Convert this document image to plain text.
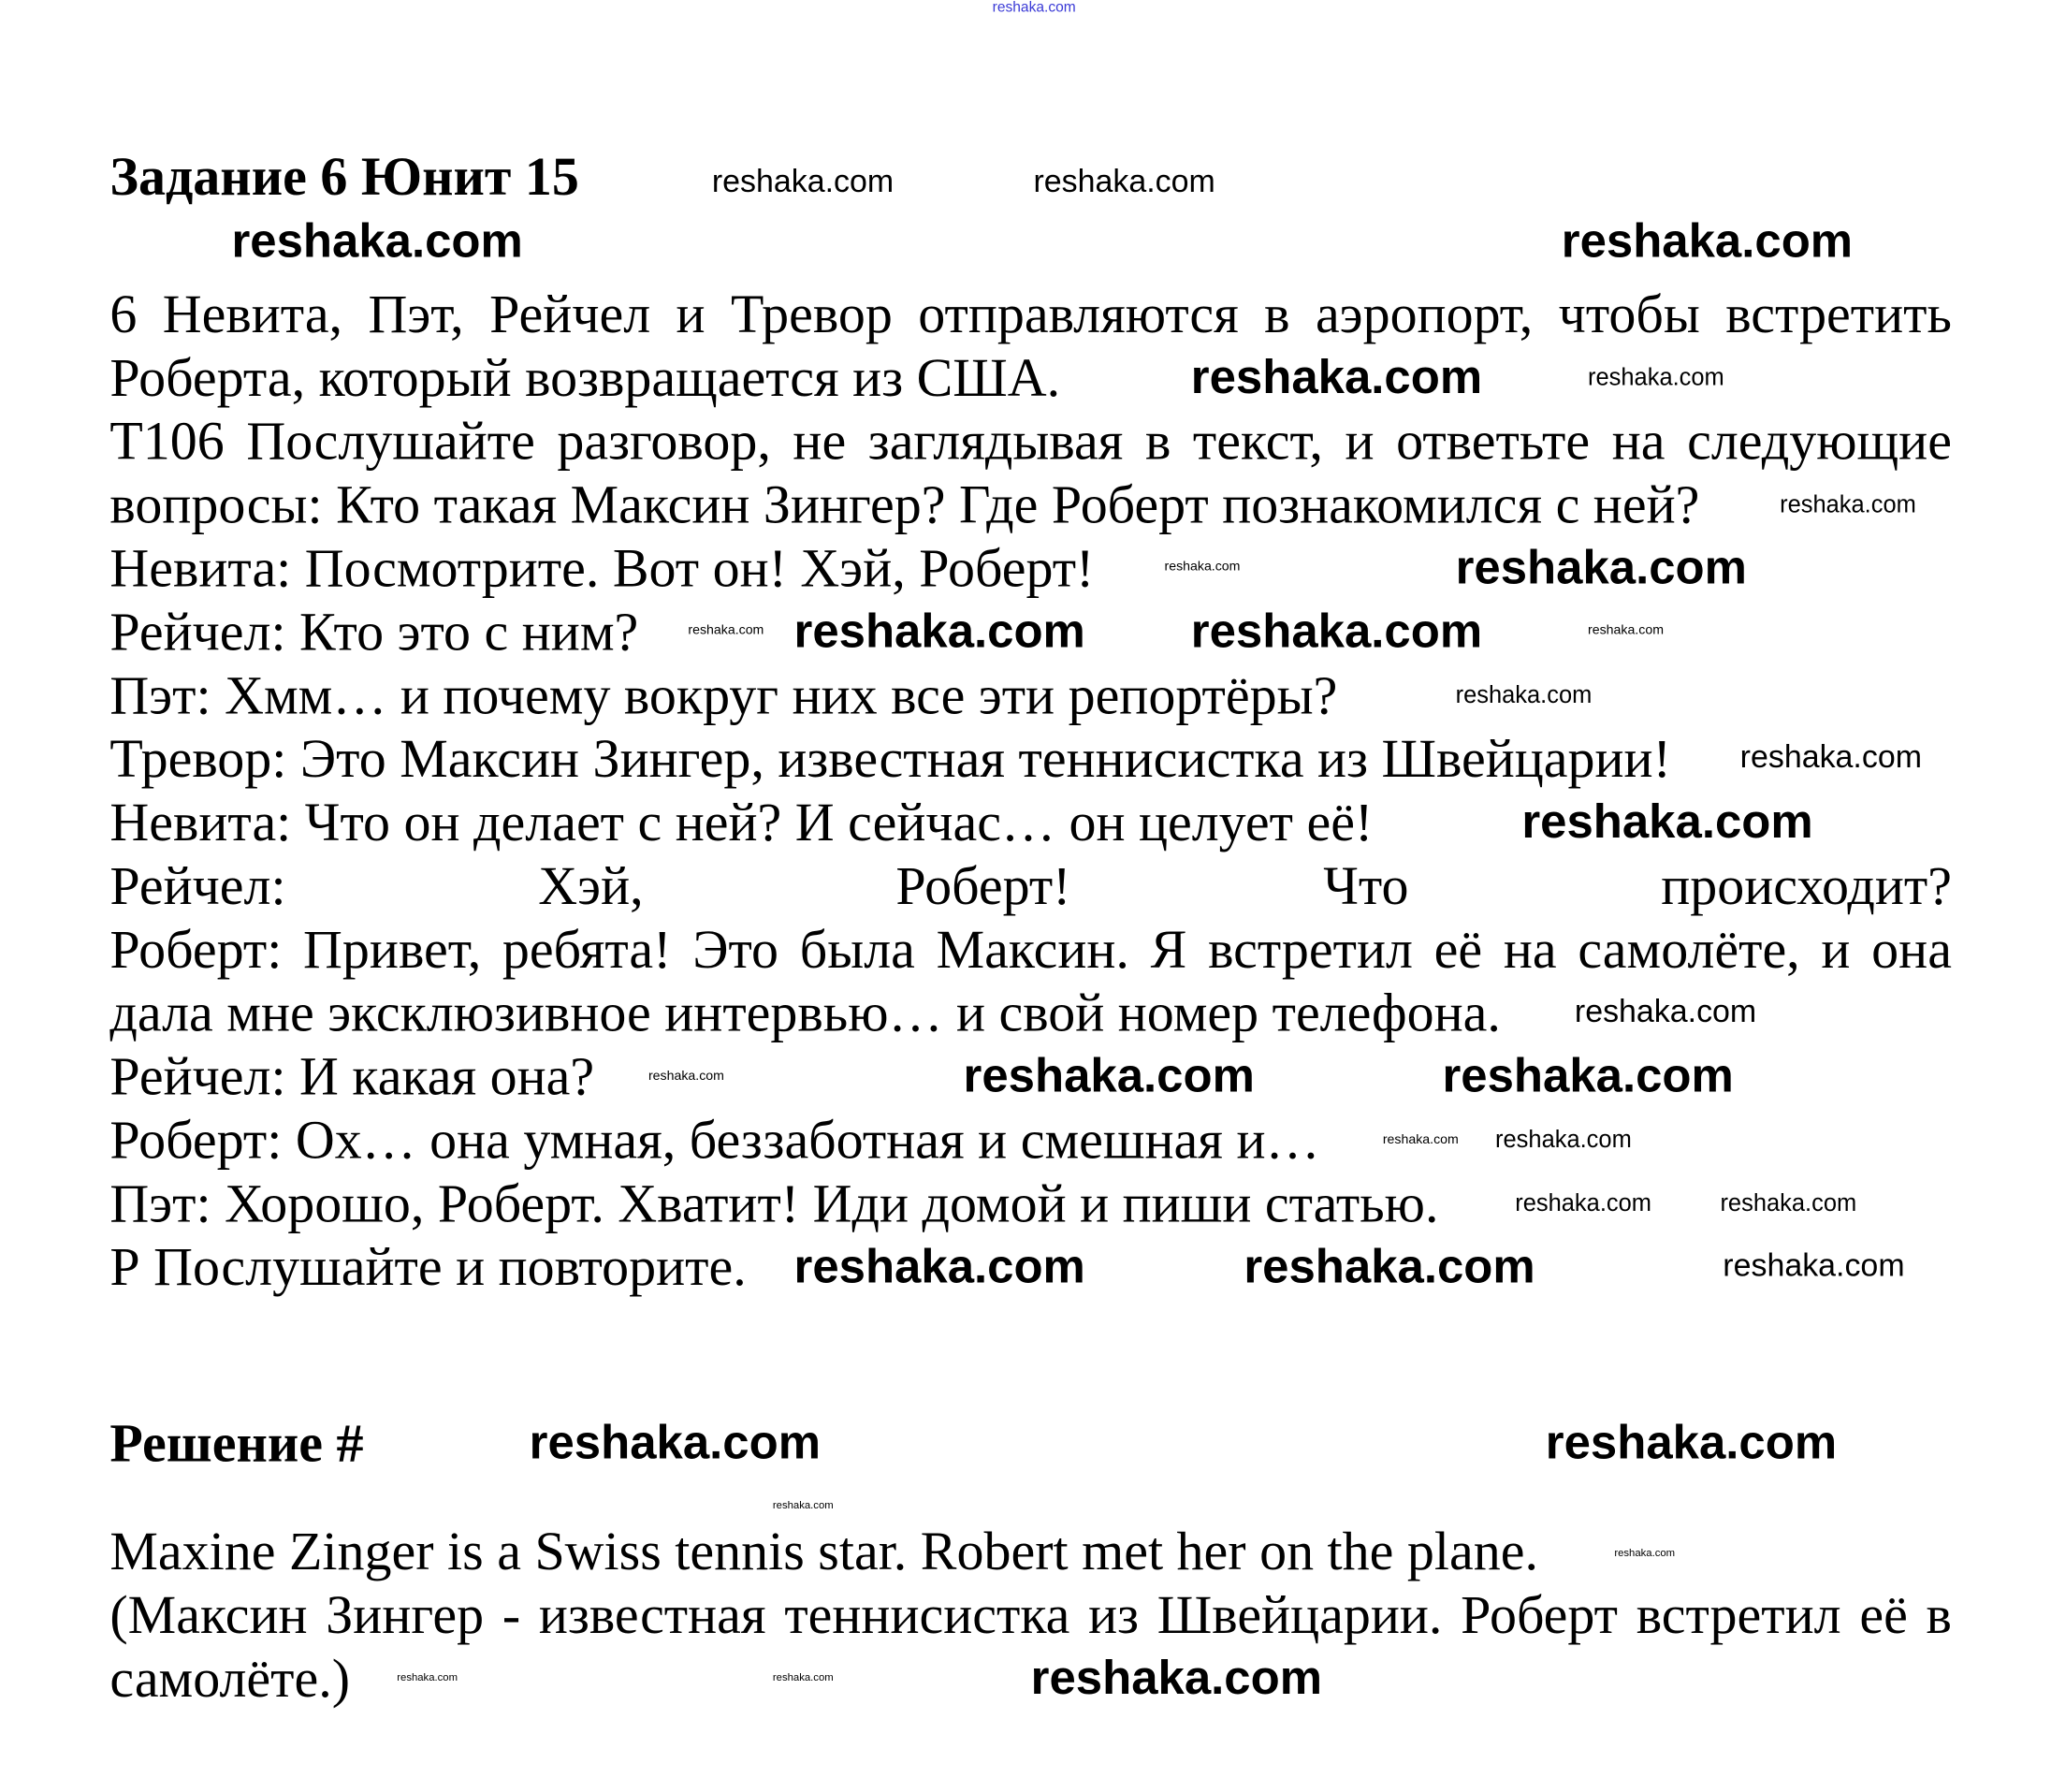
Задание 6 Юнит 15
6 Невита, Пэт, Рейчел и Тревор отправляются в аэропорт, чтобы встретить
Роберта, который возвращается из США.
T106 Послушайте разговор, не заглядывая в текст, и ответьте на следующие
вопросы: Кто такая Максин Зингер? Где Роберт познакомился с ней?
Невита: Посмотрите. Вот он! Хэй, Роберт!
Рейчел: Кто это с ним?
Пэт: Хмм… и почему вокруг них все эти репортёры?
Тревор: Это Максин Зингер, известная теннисистка из Швейцарии!
Невита: Что он делает с ней? И сейчас… он целует её!
Рейчел: Хэй, Роберт! Что происходит?
Роберт: Привет, ребята! Это была Максин. Я встретил её на самолёте, и она
дала мне эксклюзивное интервью… и свой номер телефона.
Рейчел: И какая она?
Роберт: Ох… она умная, беззаботная и смешная и…
Пэт: Хорошо, Роберт. Хватит! Иди домой и пиши статью.
Р Послушайте и повторите.
Решение #
Maxine Zinger is a Swiss tennis star. Robert met her on the plane.
(Максин Зингер - известная теннисистка из Швейцарии. Роберт встретил её в
самолёте.)
reshaka.com
reshaka.com	reshaka.com
reshaka.com	reshaka.com
reshaka.com	reshaka.com
reshaka.com
reshaka.com
reshaka.com
reshaka.com reshaka.com	reshaka.com	reshaka.com
reshaka.com
reshaka.com
reshaka.com
reshaka.com
reshaka.com	reshaka.com	reshaka.com
reshaka.com reshaka.com
reshaka.com	reshaka.com
reshaka.com	reshaka.com	reshaka.com
reshaka.com
reshaka.com
reshaka.com
reshaka.com
reshaka.com	reshaka.com
reshaka.com
